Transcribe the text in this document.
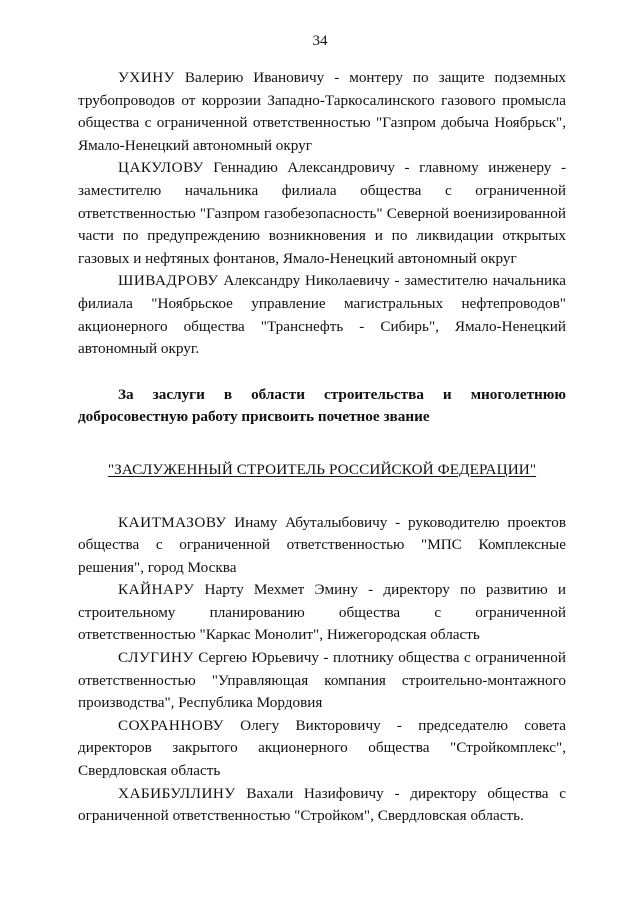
34

УХИНУ Валерию Ивановичу - монтеру по защите подземных трубопроводов от коррозии Западно-Таркосалинского газового промысла общества с ограниченной ответственностью "Газпром добыча Ноябрьск", Ямало-Ненецкий автономный округ

ЦАКУЛОВУ Геннадию Александровичу - главному инженеру - заместителю начальника филиала общества с ограниченной ответственностью "Газпром газобезопасность" Северной военизированной части по предупреждению возникновения и по ликвидации открытых газовых и нефтяных фонтанов, Ямало-Ненецкий автономный округ

ШИВАДРОВУ Александру Николаевичу - заместителю начальника филиала "Ноябрьское управление магистральных нефтепроводов" акционерного общества "Транснефть - Сибирь", Ямало-Ненецкий автономный округ.

За заслуги в области строительства и многолетнюю добросовестную работу присвоить почетное звание

"ЗАСЛУЖЕННЫЙ СТРОИТЕЛЬ РОССИЙСКОЙ ФЕДЕРАЦИИ"

КАИТМАЗОВУ Инаму Абуталыбовичу - руководителю проектов общества с ограниченной ответственностью "МПС Комплексные решения", город Москва

КАЙНАРУ Нарту Мехмет Эмину - директору по развитию и строительному планированию общества с ограниченной ответственностью "Каркас Монолит", Нижегородская область

СЛУГИНУ Сергею Юрьевичу - плотнику общества с ограниченной ответственностью "Управляющая компания строительно-монтажного производства", Республика Мордовия

СОХРАННОВУ Олегу Викторовичу - председателю совета директоров закрытого акционерного общества "Стройкомплекс", Свердловская область

ХАБИБУЛЛИНУ Вахали Назифовичу - директору общества с ограниченной ответственностью "Стройком", Свердловская область.
